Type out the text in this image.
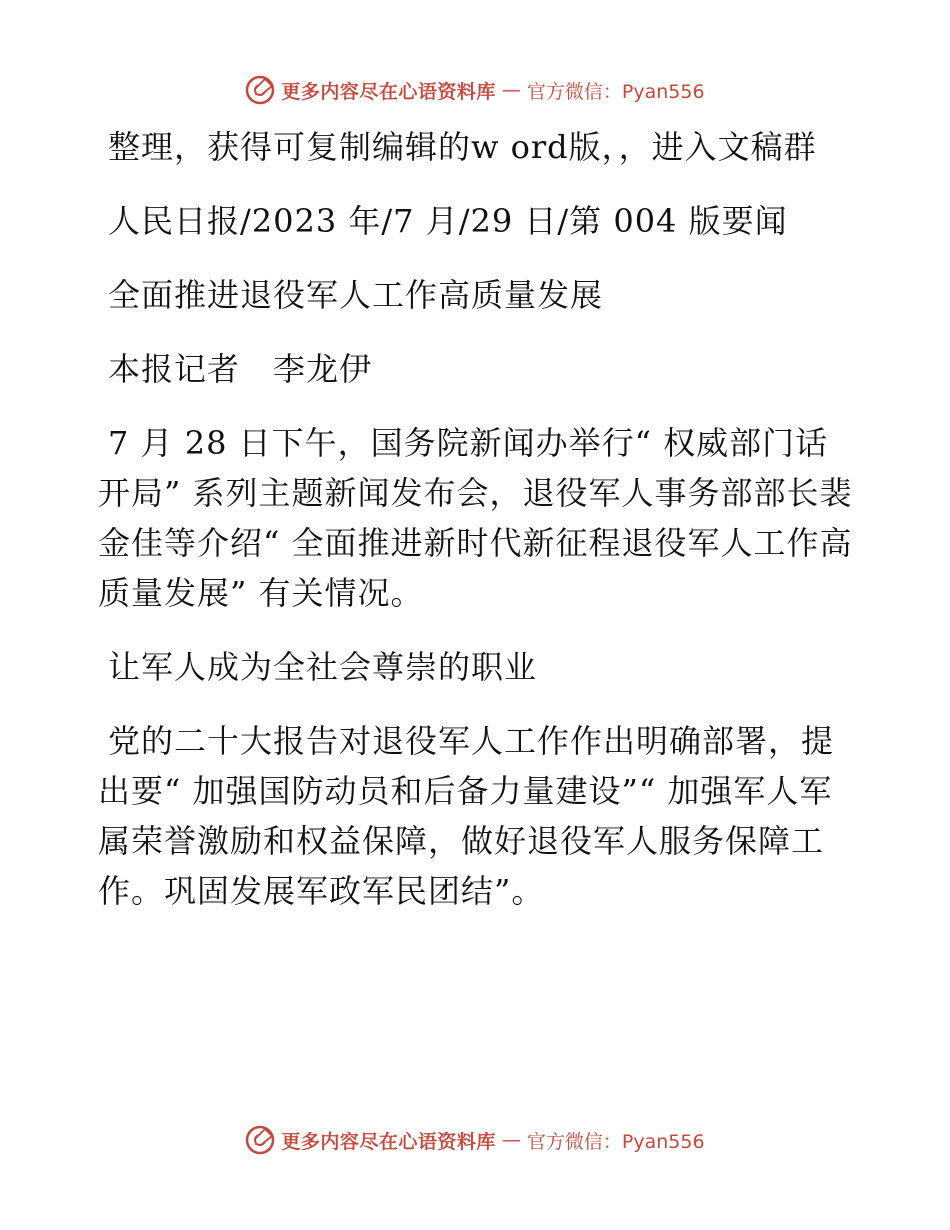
更多内容尽在心语资料库 — 官方微信：Pyan556

整理，获得可复制编辑的w ord版，，进入文稿群

人民日报/2023 年/7 月/29 日/第 004 版要闻

全面推进退役军人工作高质量发展

本报记者　李龙伊

7 月 28 日下午，国务院新闻办举行“ 权威部门话开局” 系列主题新闻发布会，退役军人事务部部长裴金佳等介绍“ 全面推进新时代新征程退役军人工作高质量发展” 有关情况。

让军人成为全社会尊崇的职业

党的二十大报告对退役军人工作作出明确部署，提出要“ 加强国防动员和后备力量建设”“ 加强军人军属荣誉激励和权益保障，做好退役军人服务保障工作。巩固发展军政军民团结”。

更多内容尽在心语资料库 — 官方微信：Pyan556
